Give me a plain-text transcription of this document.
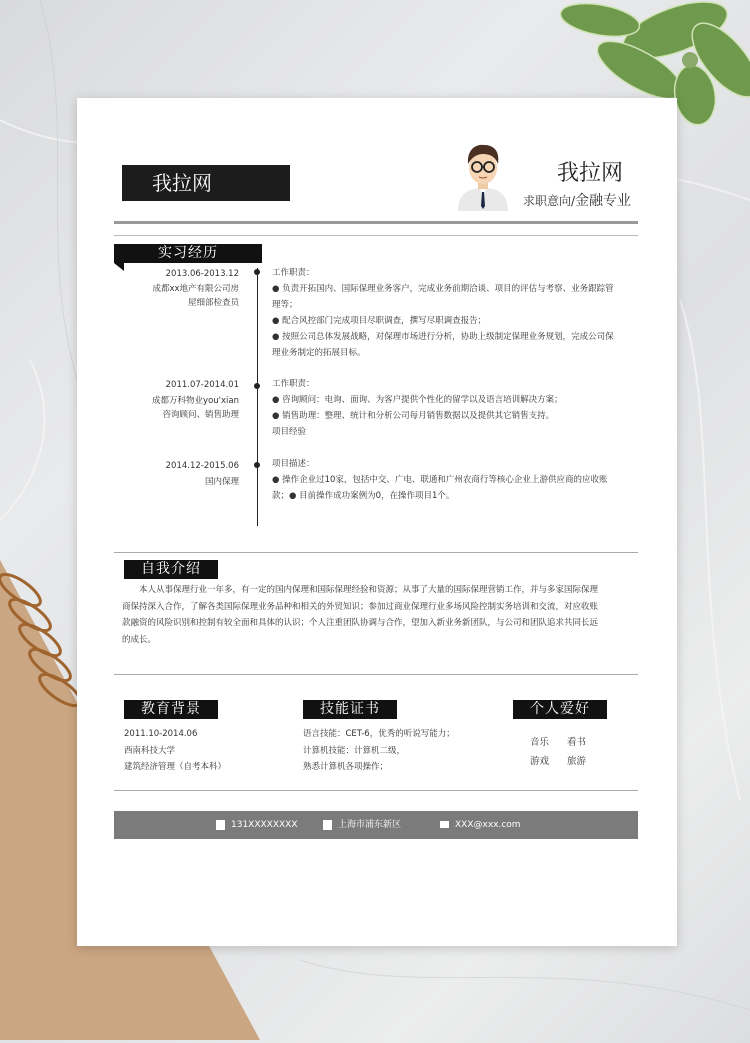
我拉网	我拉网
求职意向/金融专业
实习经历
2013.06-2013.12
成都xx地产有限公司房
屋细部检查员
工作职责：
● 负责开拓国内、国际保理业务客户，完成业务前期洽谈、项目的评估与考察、业务跟踪管
理等；
● 配合风控部门完成项目尽职调查，撰写尽职调查报告；
● 按照公司总体发展战略，对保理市场进行分析，协助上级制定保理业务规划，完成公司保
理业务制定的拓展目标。
2011.07-2014.01
成都万科物业you'xian
咨询顾问、销售助理
工作职责：
● 咨询顾问：电询、面询、为客户提供个性化的留学以及语言培训解决方案；
● 销售助理：整理、统计和分析公司每月销售数据以及提供其它销售支持。
项目经验
2014.12-2015.06
国内保理
项目描述：
● 操作企业过10家，包括中交、广电、联通和广州农商行等核心企业上游供应商的应收账
款；● 目前操作成功案例为0，在操作项目1个。
自我介绍
本人从事保理行业一年多，有一定的国内保理和国际保理经验和资源；从事了大量的国际保理营销工作，并与多家国际保理
商保持深入合作，了解各类国际保理业务品种和相关的外贸知识；参加过商业保理行业多场风险控制实务培训和交流，对应收账
款融资的风险识别和控制有较全面和具体的认识；个人注重团队协调与合作，望加入新业务新团队，与公司和团队追求共同长远
的成长。
教育背景
2011.10-2014.06
西南科技大学
建筑经济管理（自考本科）
技能证书
语言技能：CET-6，优秀的听说写能力；
计算机技能：计算机二级，
熟悉计算机各项操作；
个人爱好
音乐 看书
游戏 旅游
131XXXXXXXX	上海市浦东新区	XXX@xxx.com
